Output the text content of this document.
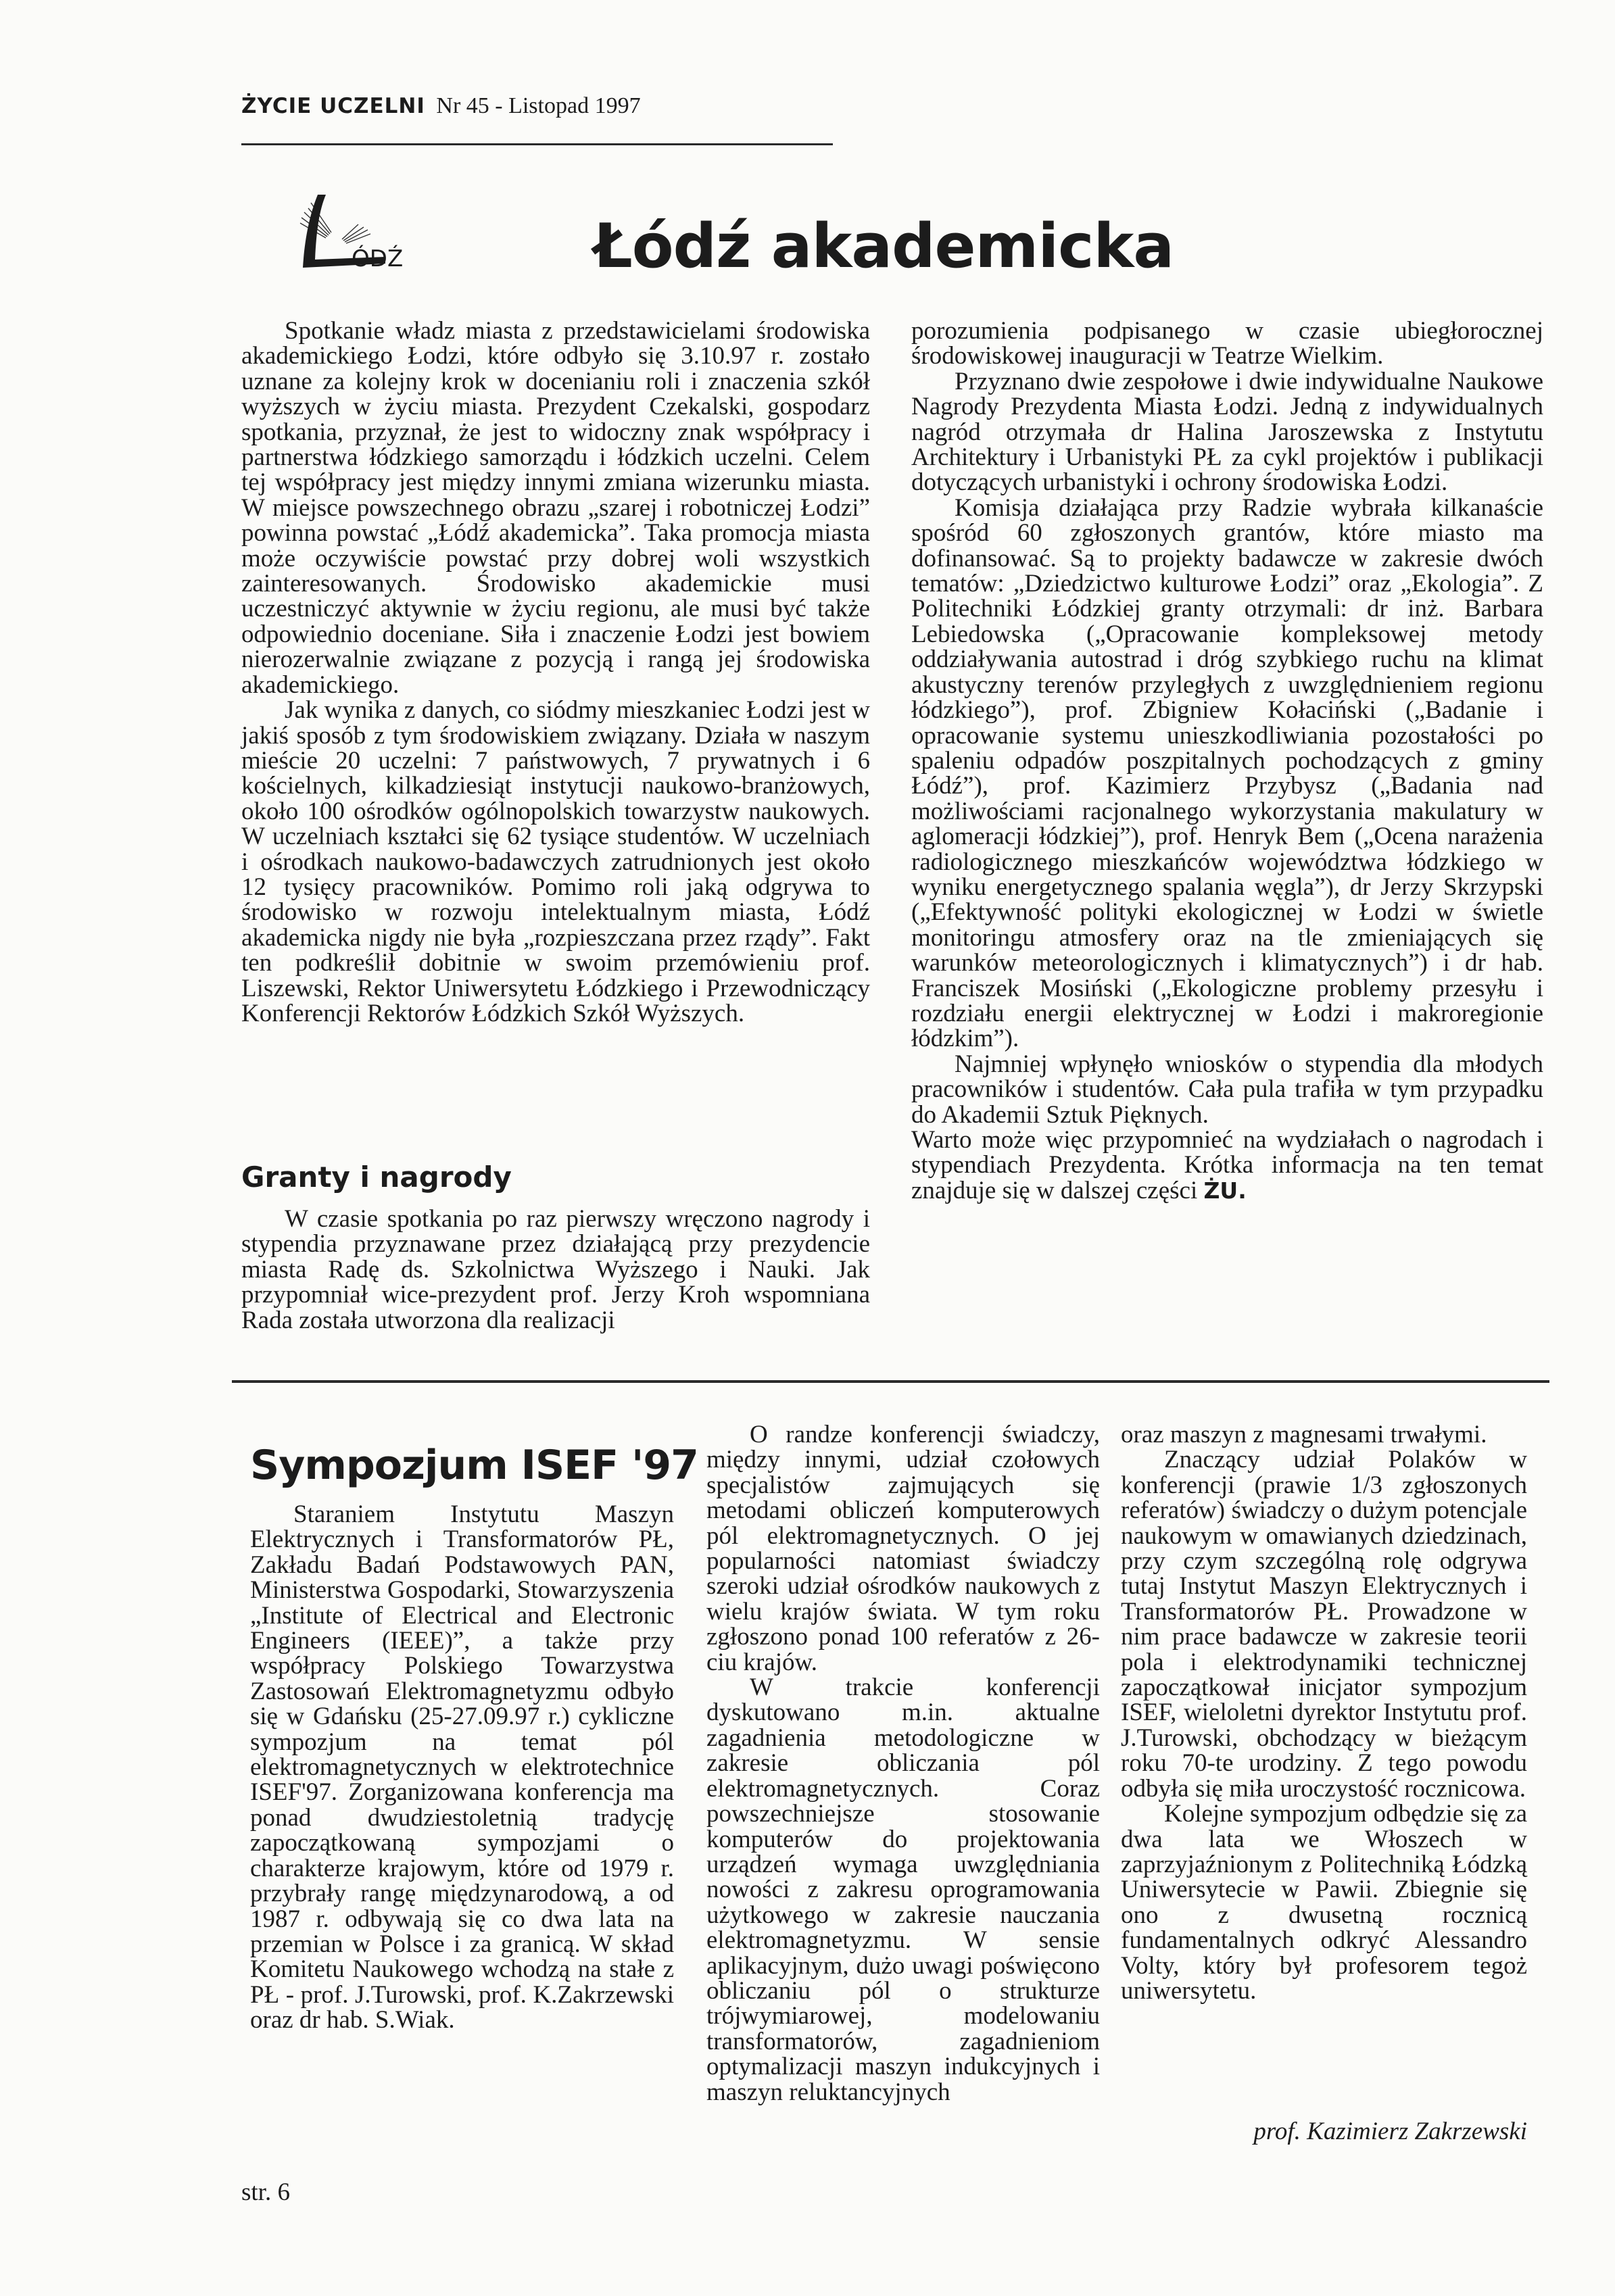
ŻYCIE UCZELNI Nr 45 - Listopad 1997
ÓDŹ	Łódź akademicka

Spotkanie władz miasta z przedstawicielami środowiska akademickiego Łodzi, które odbyło się 3.10.97 r. zostało uznane za kolejny krok w docenianiu roli i znaczenia szkół wyższych w życiu miasta. Prezydent Czekalski, gospodarz spotkania, przyznał, że jest to widoczny znak współpracy i partnerstwa łódzkiego samorządu i łódzkich uczelni. Celem tej współpracy jest między innymi zmiana wizerunku miasta. W miejsce powszechnego obrazu „szarej i robotniczej Łodzi” powinna powstać „Łódź akademicka”. Taka promocja miasta może oczywiście powstać przy dobrej woli wszystkich zainteresowanych. Środowisko akademickie musi uczestniczyć aktywnie w życiu regionu, ale musi być także odpowiednio doceniane. Siła i znaczenie Łodzi jest bowiem nierozerwalnie związane z pozycją i rangą jej środowiska akademickiego.

Jak wynika z danych, co siódmy mieszkaniec Łodzi jest w jakiś sposób z tym środowiskiem związany. Działa w naszym mieście 20 uczelni: 7 państwowych, 7 prywatnych i 6 kościelnych, kilkadziesiąt instytucji naukowo-branżowych, około 100 ośrodków ogólnopolskich towarzystw naukowych. W uczelniach kształci się 62 tysiące studentów. W uczelniach i ośrodkach naukowo-badawczych zatrudnionych jest około 12 tysięcy pracowników. Pomimo roli jaką odgrywa to środowisko w rozwoju intelektualnym miasta, Łódź akademicka nigdy nie była „rozpieszczana przez rządy”. Fakt ten podkreślił dobitnie w swoim przemówieniu prof. Liszewski, Rektor Uniwersytetu Łódzkiego i Przewodniczący Konferencji Rektorów Łódzkich Szkół Wyższych.

Granty i nagrody

W czasie spotkania po raz pierwszy wręczono nagrody i stypendia przyznawane przez działającą przy prezydencie miasta Radę ds. Szkolnictwa Wyższego i Nauki. Jak przypomniał wice-prezydent prof. Jerzy Kroh wspomniana Rada została utworzona dla realizacji

porozumienia podpisanego w czasie ubiegłorocznej środowiskowej inauguracji w Teatrze Wielkim.

Przyznano dwie zespołowe i dwie indywidualne Naukowe Nagrody Prezydenta Miasta Łodzi. Jedną z indywidualnych nagród otrzymała dr Halina Jaroszewska z Instytutu Architektury i Urbanistyki PŁ za cykl projektów i publikacji dotyczących urbanistyki i ochrony środowiska Łodzi.

Komisja działająca przy Radzie wybrała kilkanaście spośród 60 zgłoszonych grantów, które miasto ma dofinansować. Są to projekty badawcze w zakresie dwóch tematów: „Dziedzictwo kulturowe Łodzi” oraz „Ekologia”. Z Politechniki Łódzkiej granty otrzymali: dr inż. Barbara Lebiedowska („Opracowanie kompleksowej metody oddziaływania autostrad i dróg szybkiego ruchu na klimat akustyczny terenów przyległych z uwzględnieniem regionu łódzkiego”), prof. Zbigniew Kołaciński („Badanie i opracowanie systemu unieszkodliwiania pozostałości po spaleniu odpadów poszpitalnych pochodzących z gminy Łódź”), prof. Kazimierz Przybysz („Badania nad możliwościami racjonalnego wykorzystania makulatury w aglomeracji łódzkiej”), prof. Henryk Bem („Ocena narażenia radiologicznego mieszkańców województwa łódzkiego w wyniku energetycznego spalania węgla”), dr Jerzy Skrzypski („Efektywność polityki ekologicznej w Łodzi w świetle monitoringu atmosfery oraz na tle zmieniających się warunków meteorologicznych i klimatycznych”) i dr hab. Franciszek Mosiński („Ekologiczne problemy przesyłu i rozdziału energii elektrycznej w Łodzi i makroregionie łódzkim”).

Najmniej wpłynęło wniosków o stypendia dla młodych pracowników i studentów. Cała pula trafiła w tym przypadku do Akademii Sztuk Pięknych.

Warto może więc przypomnieć na wydziałach o nagrodach i stypendiach Prezydenta. Krótka informacja na ten temat znajduje się w dalszej części ŻU.

Sympozjum ISEF '97

Staraniem Instytutu Maszyn Elektrycznych i Transformatorów PŁ, Zakładu Badań Podstawowych PAN, Ministerstwa Gospodarki, Stowarzyszenia „Institute of Electrical and Electronic Engineers (IEEE)”, a także przy współpracy Polskiego Towarzystwa Zastosowań Elektromagnetyzmu odbyło się w Gdańsku (25-27.09.97 r.) cykliczne sympozjum na temat pól elektromagnetycznych w elektrotechnice ISEF'97. Zorganizowana konferencja ma ponad dwudziestoletnią tradycję zapoczątkowaną sympozjami o charakterze krajowym, które od 1979 r. przybrały rangę międzynarodową, a od 1987 r. odbywają się co dwa lata na przemian w Polsce i za granicą. W skład Komitetu Naukowego wchodzą na stałe z PŁ - prof. J.Turowski, prof. K.Zakrzewski oraz dr hab. S.Wiak.

O randze konferencji świadczy, między innymi, udział czołowych specjalistów zajmujących się metodami obliczeń komputerowych pól elektromagnetycznych. O jej popularności natomiast świadczy szeroki udział ośrodków naukowych z wielu krajów świata. W tym roku zgłoszono ponad 100 referatów z 26-ciu krajów.

W trakcie konferencji dyskutowano m.in. aktualne zagadnienia metodologiczne w zakresie obliczania pól elektromagnetycznych. Coraz powszechniejsze stosowanie komputerów do projektowania urządzeń wymaga uwzględniania nowości z zakresu oprogramowania użytkowego w zakresie nauczania elektromagnetyzmu. W sensie aplikacyjnym, dużo uwagi poświęcono obliczaniu pól o strukturze trójwymiarowej, modelowaniu transformatorów, zagadnieniom optymalizacji maszyn indukcyjnych i maszyn reluktancyjnych

oraz maszyn z magnesami trwałymi.

Znaczący udział Polaków w konferencji (prawie 1/3 zgłoszonych referatów) świadczy o dużym potencjale naukowym w omawianych dziedzinach, przy czym szczególną rolę odgrywa tutaj Instytut Maszyn Elektrycznych i Transformatorów PŁ. Prowadzone w nim prace badawcze w zakresie teorii pola i elektrodynamiki technicznej zapoczątkował inicjator sympozjum ISEF, wieloletni dyrektor Instytutu prof. J.Turowski, obchodzący w bieżącym roku 70-te urodziny. Z tego powodu odbyła się miła uroczystość rocznicowa.

Kolejne sympozjum odbędzie się za dwa lata we Włoszech w zaprzyjaźnionym z Politechniką Łódzką Uniwersytecie w Pawii. Zbiegnie się ono z dwusetną rocznicą fundamentalnych odkryć Alessandro Volty, który był profesorem tegoż uniwersytetu.

prof. Kazimierz Zakrzewski
str. 6
